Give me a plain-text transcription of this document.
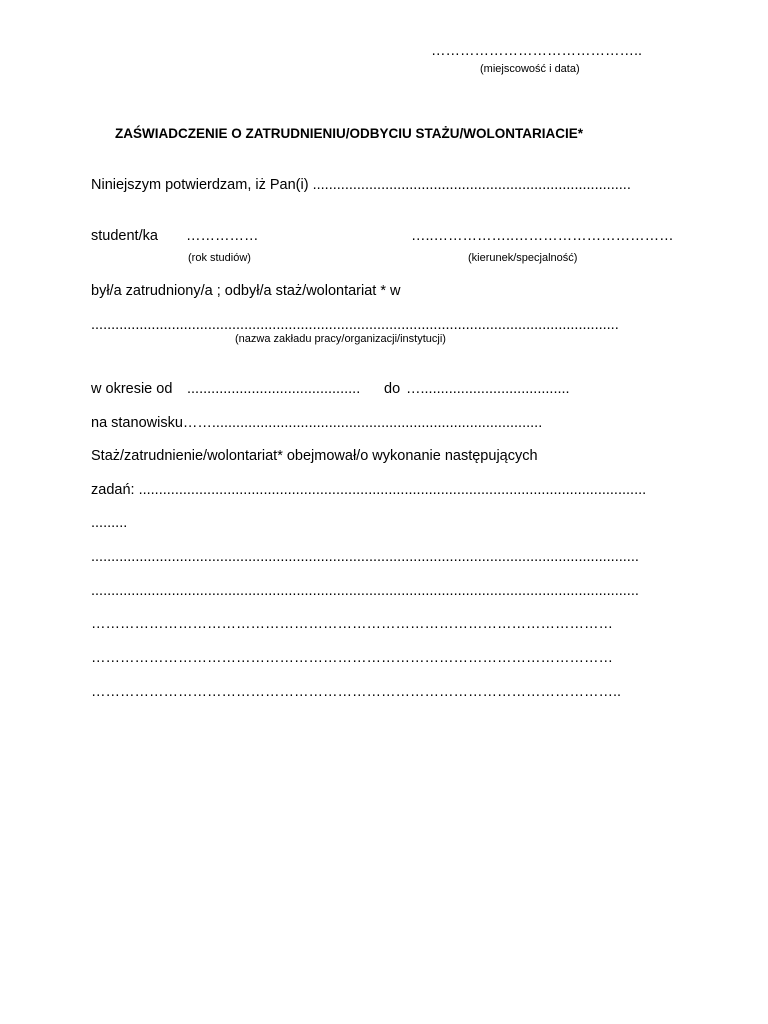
……………………………………..
(miejscowość i data)
ZAŚWIADCZENIE O ZATRUDNIENIU/ODBYCIU STAŻU/WOLONTARIACIE*
Niniejszym potwierdzam, iż Pan(i) ...............................................................................
student/ka ……………	…..……………..……………………………
(rok studiów)	(kierunek/specjalność)
był/a zatrudniony/a ; odbył/a staż/wolontariat * w
...................................................................................................................................
(nazwa zakładu pracy/organizacji/instytucji)
w okresie od ........................................... do ….....................................
na stanowisku……..................................................................................
Staż/zatrudnienie/wolontariat* obejmował/o wykonanie następujących
zadań: ..............................................................................................................................
.........
........................................................................................................................................
........................................................................................................................................
………………………………………………………………………………………………
………………………………………………………………………………………………
………………………………………………………………………………………………..
